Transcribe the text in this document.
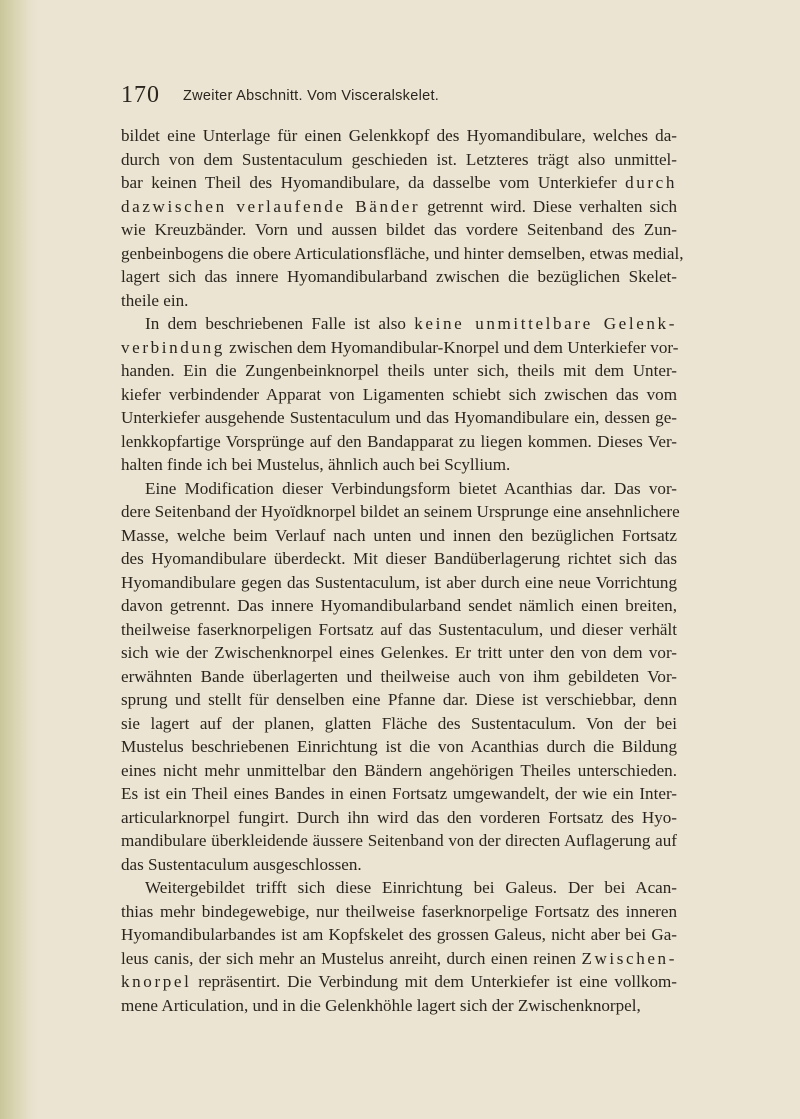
170 Zweiter Abschnitt. Vom Visceralskelet.
bildet eine Unterlage für einen Gelenkkopf des Hyomandibulare, welches da-
durch von dem Sustentaculum geschieden ist. Letzteres trägt also unmittel-
bar keinen Theil des Hyomandibulare, da dasselbe vom Unterkiefer durch
dazwischen verlaufende Bänder getrennt wird. Diese verhalten sich
wie Kreuzbänder. Vorn und aussen bildet das vordere Seitenband des Zun-
genbeinbogens die obere Articulationsfläche, und hinter demselben, etwas medial,
lagert sich das innere Hyomandibularband zwischen die bezüglichen Skelet-
theile ein.
In dem beschriebenen Falle ist also keine unmittelbare Gelenk-
verbindung zwischen dem Hyomandibular-Knorpel und dem Unterkiefer vor-
handen. Ein die Zungenbeinknorpel theils unter sich, theils mit dem Unter-
kiefer verbindender Apparat von Ligamenten schiebt sich zwischen das vom
Unterkiefer ausgehende Sustentaculum und das Hyomandibulare ein, dessen ge-
lenkkopfartige Vorsprünge auf den Bandapparat zu liegen kommen. Dieses Ver-
halten finde ich bei Mustelus, ähnlich auch bei Scyllium.
Eine Modification dieser Verbindungsform bietet Acanthias dar. Das vor-
dere Seitenband der Hyoïdknorpel bildet an seinem Ursprunge eine ansehnlichere
Masse, welche beim Verlauf nach unten und innen den bezüglichen Fortsatz
des Hyomandibulare überdeckt. Mit dieser Bandüberlagerung richtet sich das
Hyomandibulare gegen das Sustentaculum, ist aber durch eine neue Vorrichtung
davon getrennt. Das innere Hyomandibularband sendet nämlich einen breiten,
theilweise faserknorpeligen Fortsatz auf das Sustentaculum, und dieser verhält
sich wie der Zwischenknorpel eines Gelenkes. Er tritt unter den von dem vor-
erwähnten Bande überlagerten und theilweise auch von ihm gebildeten Vor-
sprung und stellt für denselben eine Pfanne dar. Diese ist verschiebbar, denn
sie lagert auf der planen, glatten Fläche des Sustentaculum. Von der bei
Mustelus beschriebenen Einrichtung ist die von Acanthias durch die Bildung
eines nicht mehr unmittelbar den Bändern angehörigen Theiles unterschieden.
Es ist ein Theil eines Bandes in einen Fortsatz umgewandelt, der wie ein Inter-
articularknorpel fungirt. Durch ihn wird das den vorderen Fortsatz des Hyo-
mandibulare überkleidende äussere Seitenband von der directen Auflagerung auf
das Sustentaculum ausgeschlossen.
Weitergebildet trifft sich diese Einrichtung bei Galeus. Der bei Acan-
thias mehr bindegewebige, nur theilweise faserknorpelige Fortsatz des inneren
Hyomandibularbandes ist am Kopfskelet des grossen Galeus, nicht aber bei Ga-
leus canis, der sich mehr an Mustelus anreiht, durch einen reinen Zwischen-
knorpel repräsentirt. Die Verbindung mit dem Unterkiefer ist eine vollkom-
mene Articulation, und in die Gelenkhöhle lagert sich der Zwischenknorpel,
